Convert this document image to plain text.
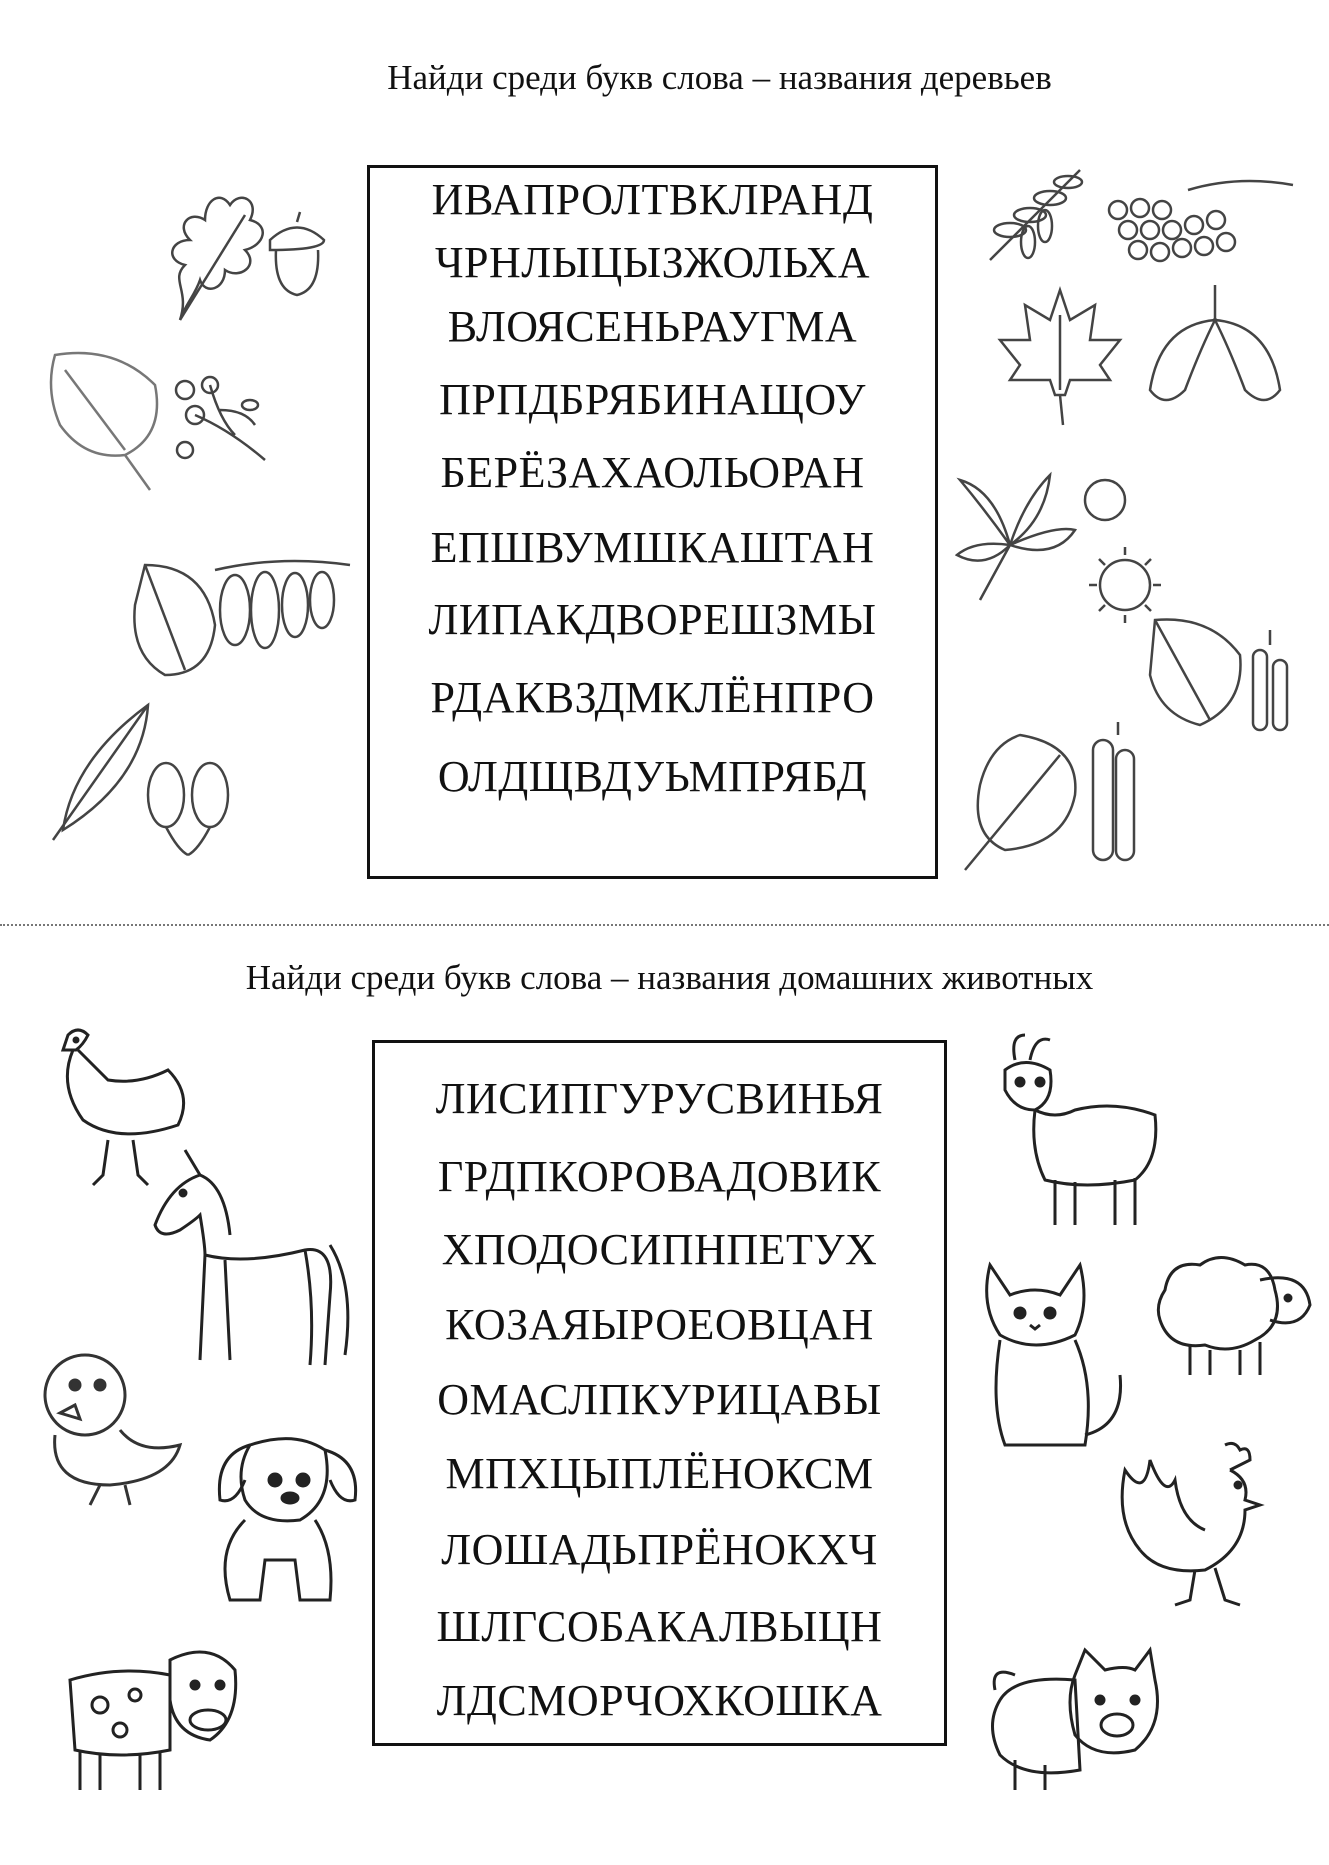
Найди среди букв слова – названия деревьев
ИВАПРОЛТВКЛРАНД
ЧРНЛЫЦЫЗЖОЛЬХА
ВЛОЯСЕНЬРАУГМА
ПРПДБРЯБИНАЩОУ
БЕРЁЗАХАОЛЬОРАН
ЕПШВУМШКАШТАН
ЛИПАКДВОРЕШЗМЫ
РДАКВЗДМКЛЁНПРО
ОЛДЩВДУЬМПРЯБД
Найди среди букв слова – названия домашних животных
ЛИСИПГУРУСВИНЬЯ
ГРДПКОРОВАДОВИК
ХПОДОСИПНПЕТУХ
КОЗАЯЫРОЕОВЦАН
ОМАСЛПКУРИЦАВЫ
МПХЦЫПЛЁНОКСМ
ЛОШАДЬПРЁНОКХЧ
ШЛГСОБАКАЛВЫЦН
ЛДСМОРЧОХКОШКА
